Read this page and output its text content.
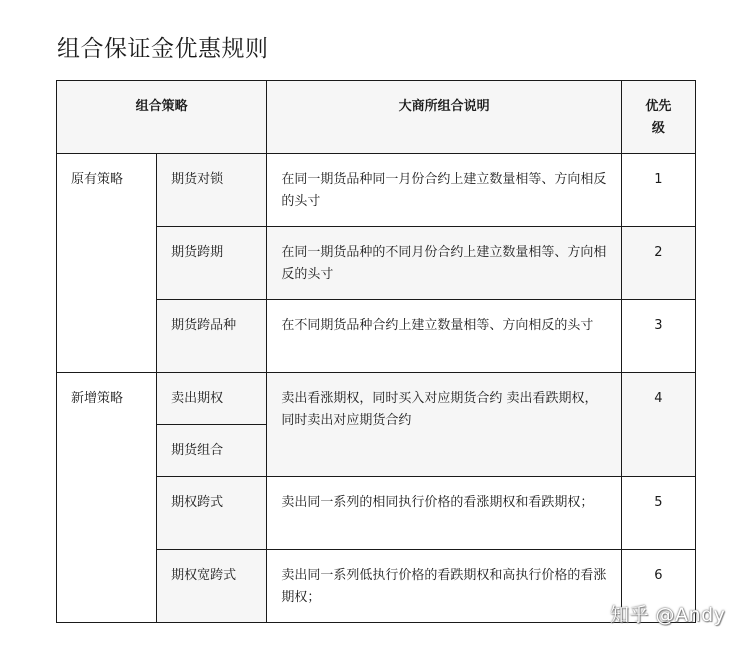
组合保证金优惠规则
组合策略		大商所组合说明	优先级
原有策略	期货对锁	在同一期货品种同一月份合约上建立数量相等、方向相反的头寸	1
	期货跨期	在同一期货品种的不同月份合约上建立数量相等、方向相反的头寸	2
	期货跨品种	在不同期货品种合约上建立数量相等、方向相反的头寸	3
新增策略	卖出期权	卖出看涨期权，同时买入对应期货合约 卖出看跌期权，同时卖出对应期货合约	4
	期货组合		
	期权跨式	卖出同一系列的相同执行价格的看涨期权和看跌期权；	5
	期权宽跨式	卖出同一系列低执行价格的看跌期权和高执行价格的看涨期权；	6
知乎 @Andy
